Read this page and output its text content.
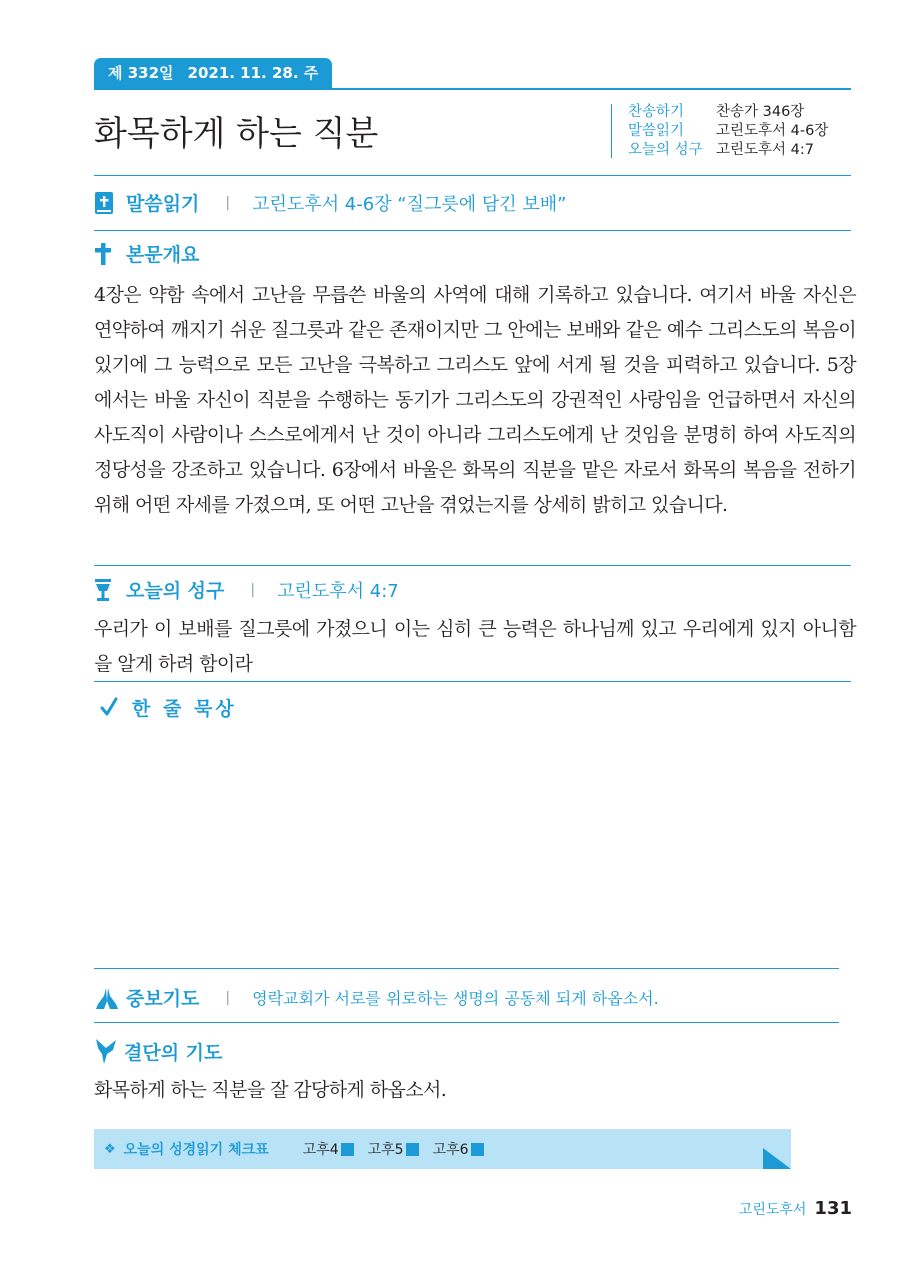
제 332일 2021. 11. 28. 주
화목하게 하는 직분
찬송하기	찬송가 346장
말씀읽기	고린도후서 4-6장
오늘의 성구 고린도후서 4:7
말씀읽기 | 고린도후서 4-6장 “질그릇에 담긴 보배”
본문개요
4장은 약함 속에서 고난을 무릅쓴 바울의 사역에 대해 기록하고 있습니다. 여기서 바울 자신은 연약하여 깨지기 쉬운 질그릇과 같은 존재이지만 그 안에는 보배와 같은 예수 그리스도의 복음이 있기에 그 능력으로 모든 고난을 극복하고 그리스도 앞에 서게 될 것을 피력하고 있습니다. 5장에서는 바울 자신이 직분을 수행하는 동기가 그리스도의 강권적인 사랑임을 언급하면서 자신의 사도직이 사람이나 스스로에게서 난 것이 아니라 그리스도에게 난 것임을 분명히 하여 사도직의 정당성을 강조하고 있습니다. 6장에서 바울은 화목의 직분을 맡은 자로서 화목의 복음을 전하기 위해 어떤 자세를 가졌으며, 또 어떤 고난을 겪었는지를 상세히 밝히고 있습니다.
오늘의 성구 | 고린도후서 4:7
우리가 이 보배를 질그릇에 가졌으니 이는 심히 큰 능력은 하나님께 있고 우리에게 있지 아니함을 알게 하려 함이라
한 줄 묵상
중보기도 | 영락교회가 서로를 위로하는 생명의 공동체 되게 하옵소서.
결단의 기도
화목하게 하는 직분을 잘 감당하게 하옵소서.
❖ 오늘의 성경읽기 체크표 고후4 고후5 고후6
고린도후서 131
